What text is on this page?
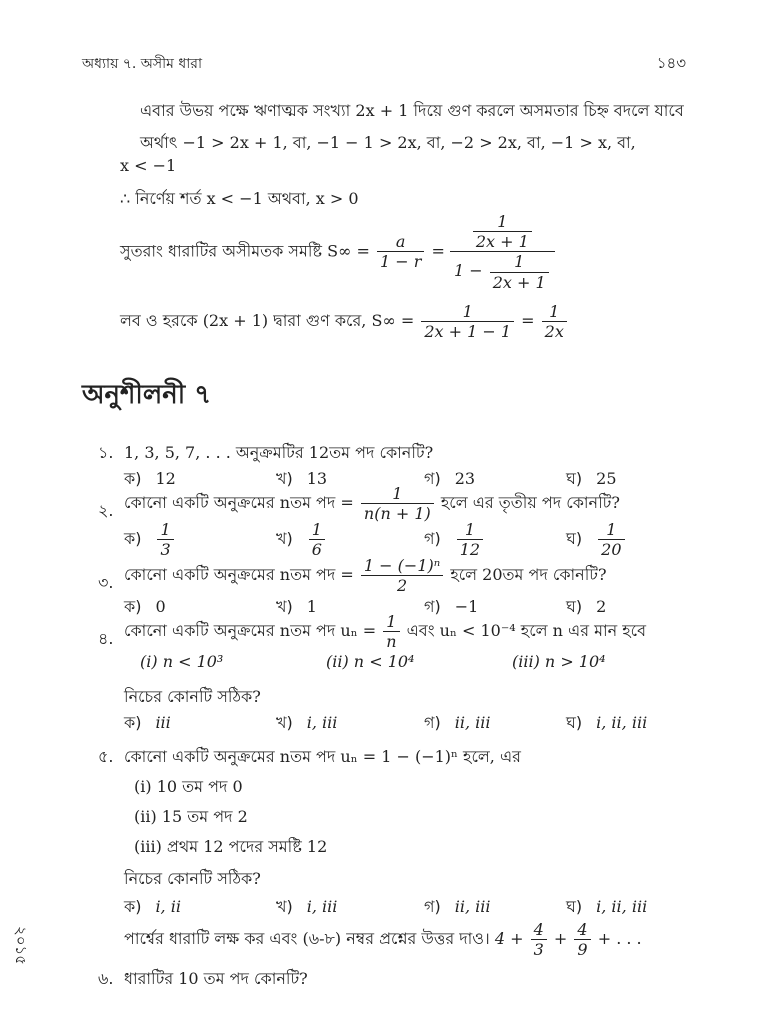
অধ্যায় ৭. অসীম ধারা	১৪৩
এবার উভয় পক্ষে ঋণাত্মক সংখ্যা 2x + 1 দিয়ে গুণ করলে অসমতার চিহ্ন বদলে যাবে
অর্থাৎ −1 > 2x + 1, বা, −1 − 1 > 2x, বা, −2 > 2x, বা, −1 > x, বা,
x < −1
∴ নির্ণেয় শর্ত x < −1 অথবা, x > 0
সুতরাং ধারাটির অসীমতক সমষ্টি $S\infty = \frac{a}{1 - r} = \frac{\frac{1}{2x + 1}}{1 - \frac{1}{2x + 1}}$
লব ও হরকে (2x + 1) দ্বারা গুণ করে, $S\infty = \frac{1}{2x + 1 - 1} = \frac{1}{2x}$
অনুশীলনী ৭
১. 1, 3, 5, 7, . . . অনুক্রমটির 12তম পদ কোনটি?
ক) 12	খ) 13	গ) 23	ঘ) 25
২. কোনো একটি অনুক্রমের nতম পদ = $\frac{1}{n(n + 1)}$ হলে এর তৃতীয় পদ কোনটি?
ক) $\frac{1}{3}$	খ) $\frac{1}{6}$	গ) $\frac{1}{12}$	ঘ) $\frac{1}{20}$
৩. কোনো একটি অনুক্রমের nতম পদ = $\frac{\text{1 − (−1)ⁿ}}{2}$ হলে 20তম পদ কোনটি?
ক) 0	খ) 1	গ) −1	ঘ) 2
৪. কোনো একটি অনুক্রমের nতম পদ $u_n = \frac{1}{n}$ এবং uₙ < 10⁻⁴ হলে n এর মান হবে
(i) n < 10³	(ii) n < 10⁴	(iii) n > 10⁴
নিচের কোনটি সঠিক?
ক) iii	খ) i, iii	গ) ii, iii	ঘ) i, ii, iii
৫. কোনো একটি অনুক্রমের nতম পদ uₙ = 1 − (−1)ⁿ হলে, এর
(i) 10 তম পদ 0
(ii) 15 তম পদ 2
(iii) প্রথম 12 পদের সমষ্টি 12
নিচের কোনটি সঠিক?
ক) i, ii	খ) i, iii	গ) ii, iii	ঘ) i, ii, iii
পার্শ্বের ধারাটি লক্ষ কর এবং (৬-৮) নম্বর প্রশ্নের উত্তর দাও। $4 + \frac{4}{3} + \frac{4}{9}$ + . . .
৬. ধারাটির 10 তম পদ কোনটি?
২০১৫
